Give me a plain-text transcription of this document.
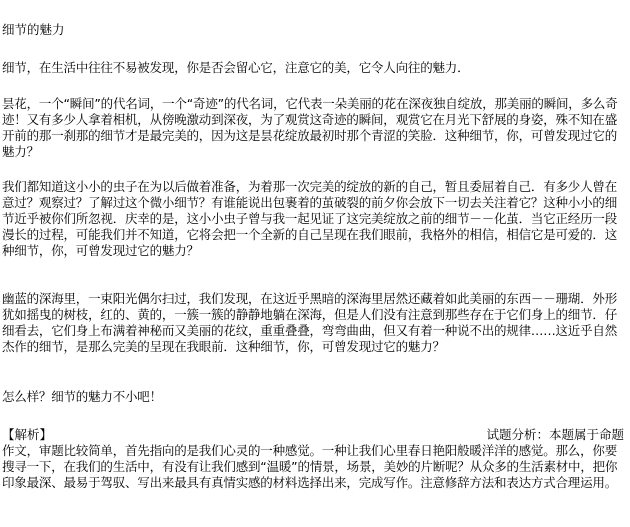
细节的魅力

细节，在生活中往往不易被发现，你是否会留心它，注意它的美，它令人向往的魅力．

昙花，一个“瞬间”的代名词，一个“奇迹”的代名词，它代表一朵美丽的花在深夜独自绽放，那美丽的瞬间，多么奇迹！又有多少人拿着相机，从傍晚激动到深夜，为了观赏这奇迹的瞬间，观赏它在月光下舒展的身姿，殊不知在盛开前的那一刹那的细节才是最完美的，因为这是昙花绽放最初时那个青涩的笑脸．这种细节，你，可曾发现过它的魅力？

我们都知道这小小的虫子在为以后做着准备，为着那一次完美的绽放的新的自己，暂且委屈着自己．有多少人曾在意过？观察过？了解过这个微小细节？有谁能说出包裹着的茧破裂的前夕你会放下一切去关注着它？这种小小的细节近乎被你们所忽视．庆幸的是，这小小虫子曾与我一起见证了这完美绽放之前的细节－－化茧．当它正经历一段漫长的过程，可能我们并不知道，它将会把一个全新的自己呈现在我们眼前，我格外的相信，相信它是可爱的．这种细节，你，可曾发现过它的魅力？

幽蓝的深海里，一束阳光偶尔扫过，我们发现，在这近乎黑暗的深海里居然还藏着如此美丽的东西－－珊瑚．外形犹如摇曳的树枝，红的、黄的，一簇一簇的静静地躺在深海，但是人们没有注意到那些存在于它们身上的细节．仔细看去，它们身上布满着神秘而又美丽的花纹，重重叠叠，弯弯曲曲，但又有着一种说不出的规律……这近乎自然杰作的细节，是那么完美的呈现在我眼前．这种细节，你，可曾发现过它的魅力？

怎么样？细节的魅力不小吧！

【解析】	试题分析：本题属于命题

作文，审题比较简单，首先指向的是我们心灵的一种感觉。一种让我们心里春日艳阳般暖洋洋的感觉。那么，你要搜寻一下，在我们的生活中，有没有让我们感到“温暖”的情景，场景，美妙的片断呢？从众多的生活素材中，把你印象最深、最易于驾驭、写出来最具有真情实感的材料选择出来，完成写作。注意修辞方法和表达方式合理运用。
